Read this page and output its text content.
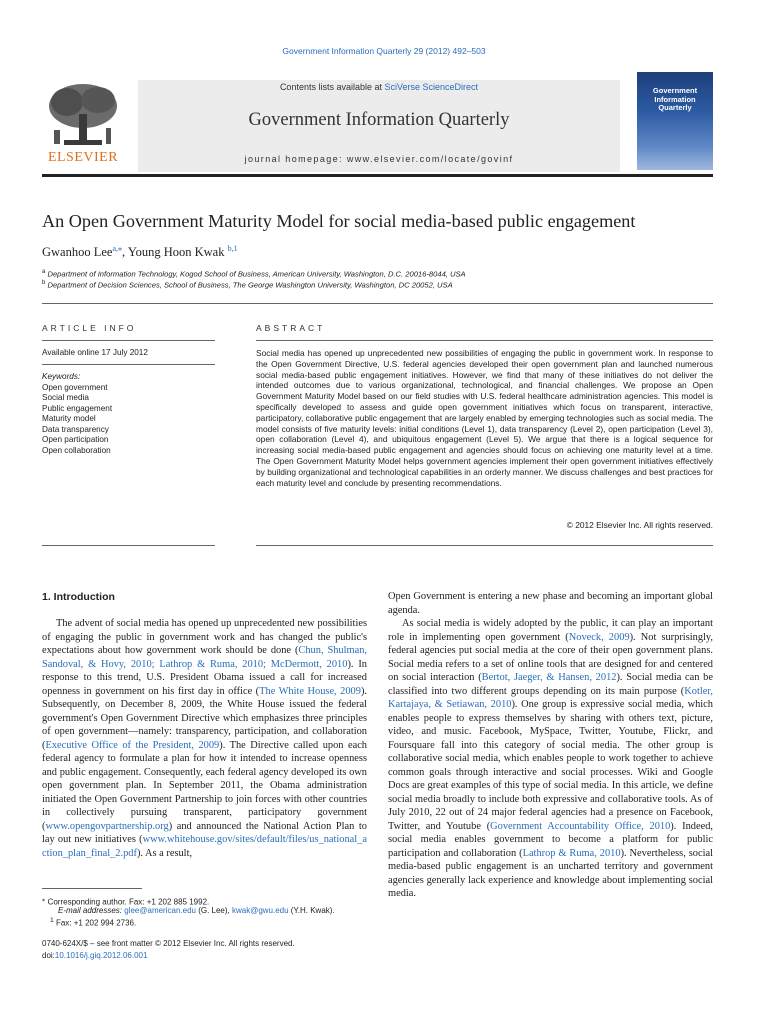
Government Information Quarterly 29 (2012) 492–503
ELSEVIER
Contents lists available at SciVerse ScienceDirect
Government Information Quarterly
journal homepage: www.elsevier.com/locate/govinf
Government
Information
Quarterly
An Open Government Maturity Model for social media-based public engagement
Gwanhoo Lee$^{a,⁎}$, Young Hoon Kwak $^{b,1}$
$^a$ Department of Information Technology, Kogod School of Business, American University, Washington, D.C. 20016-8044, USA
$^b$ Department of Decision Sciences, School of Business, The George Washington University, Washington, DC 20052, USA
ARTICLE INFO
Available online 17 July 2012
Keywords:
Open government
Social media
Public engagement
Maturity model
Data transparency
Open participation
Open collaboration
ABSTRACT
Social media has opened up unprecedented new possibilities of engaging the public in government work. In response to the Open Government Directive, U.S. federal agencies developed their open government plan and launched numerous social media-based public engagement initiatives. However, we find that many of these initiatives do not deliver the intended outcomes due to various organizational, technological, and financial challenges. We propose an Open Government Maturity Model based on our field studies with U.S. federal healthcare administration agencies. This model is specifically developed to assess and guide open government initiatives which focus on transparent, interactive, participatory, collaborative public engagement that are largely enabled by emerging technologies such as social media. The model consists of five maturity levels: initial conditions (Level 1), data transparency (Level 2), open participation (Level 3), open collaboration (Level 4), and ubiquitous engagement (Level 5). We argue that there is a logical sequence for increasing social media-based public engagement and agencies should focus on achieving one maturity level at a time. The Open Government Maturity Model helps government agencies implement their open government initiatives effectively by building organizational and technological capabilities in an orderly manner. We discuss challenges and best practices for each maturity level and conclude by presenting recommendations.
© 2012 Elsevier Inc. All rights reserved.
1. Introduction

The advent of social media has opened up unprecedented new possibilities of engaging the public in government work and has changed the public's expectations about how government work should be done (Chun, Shulman, Sandoval, & Hovy, 2010; Lathrop & Ruma, 2010; McDermott, 2010). In response to this trend, U.S. President Obama issued a call for increased openness in government on his first day in office (The White House, 2009). Subsequently, on December 8, 2009, the White House issued the federal government's Open Government Directive which emphasizes three principles of open government—namely: transparency, participation, and collaboration (Executive Office of the President, 2009). The Directive called upon each federal agency to formulate a plan for how it intended to increase openness and public engagement. Consequently, each federal agency developed its own open government plan. In September 2011, the Obama administration initiated the Open Government Partnership to join forces with other countries in collectively pursuing transparent, participatory government (www.opengovpartnership.org) and announced the National Action Plan to lay out new initiatives (www.whitehouse.gov/sites/default/files/us_national_action_plan_final_2.pdf). As a result,

Open Government is entering a new phase and becoming an important global agenda.

As social media is widely adopted by the public, it can play an important role in implementing open government (Noveck, 2009). Not surprisingly, federal agencies put social media at the core of their open government plans. Social media refers to a set of online tools that are designed for and centered on social interaction (Bertot, Jaeger, & Hansen, 2012). Social media can be classified into two different groups depending on its main purpose (Kotler, Kartajaya, & Setiawan, 2010). One group is expressive social media, which enables people to express themselves by sharing with others text, picture, video, and music. Facebook, MySpace, Twitter, Youtube, Flickr, and Foursquare fall into this category of social media. The other group is collaborative social media, which enables people to work together to achieve common goals through interactive and social processes. Wiki and Google Docs are great examples of this type of social media. In this article, we define social media broadly to include both expressive and collaborative tools. As of July 2010, 22 out of 24 major federal agencies had a presence on Facebook, Twitter, and Youtube (Government Accountability Office, 2010). Indeed, social media enables government to become a platform for public participation and collaboration (Lathrop & Ruma, 2010). Nevertheless, social media-based public engagement is an uncharted territory and government agencies generally lack experience and knowledge about implementing social media.

⁎ Corresponding author. Fax: +1 202 885 1992.
E-mail addresses: glee@american.edu (G. Lee), kwak@gwu.edu (Y.H. Kwak).
$^1$ Fax: +1 202 994 2736.
0740-624X/$ – see front matter © 2012 Elsevier Inc. All rights reserved.
doi:10.1016/j.giq.2012.06.001
